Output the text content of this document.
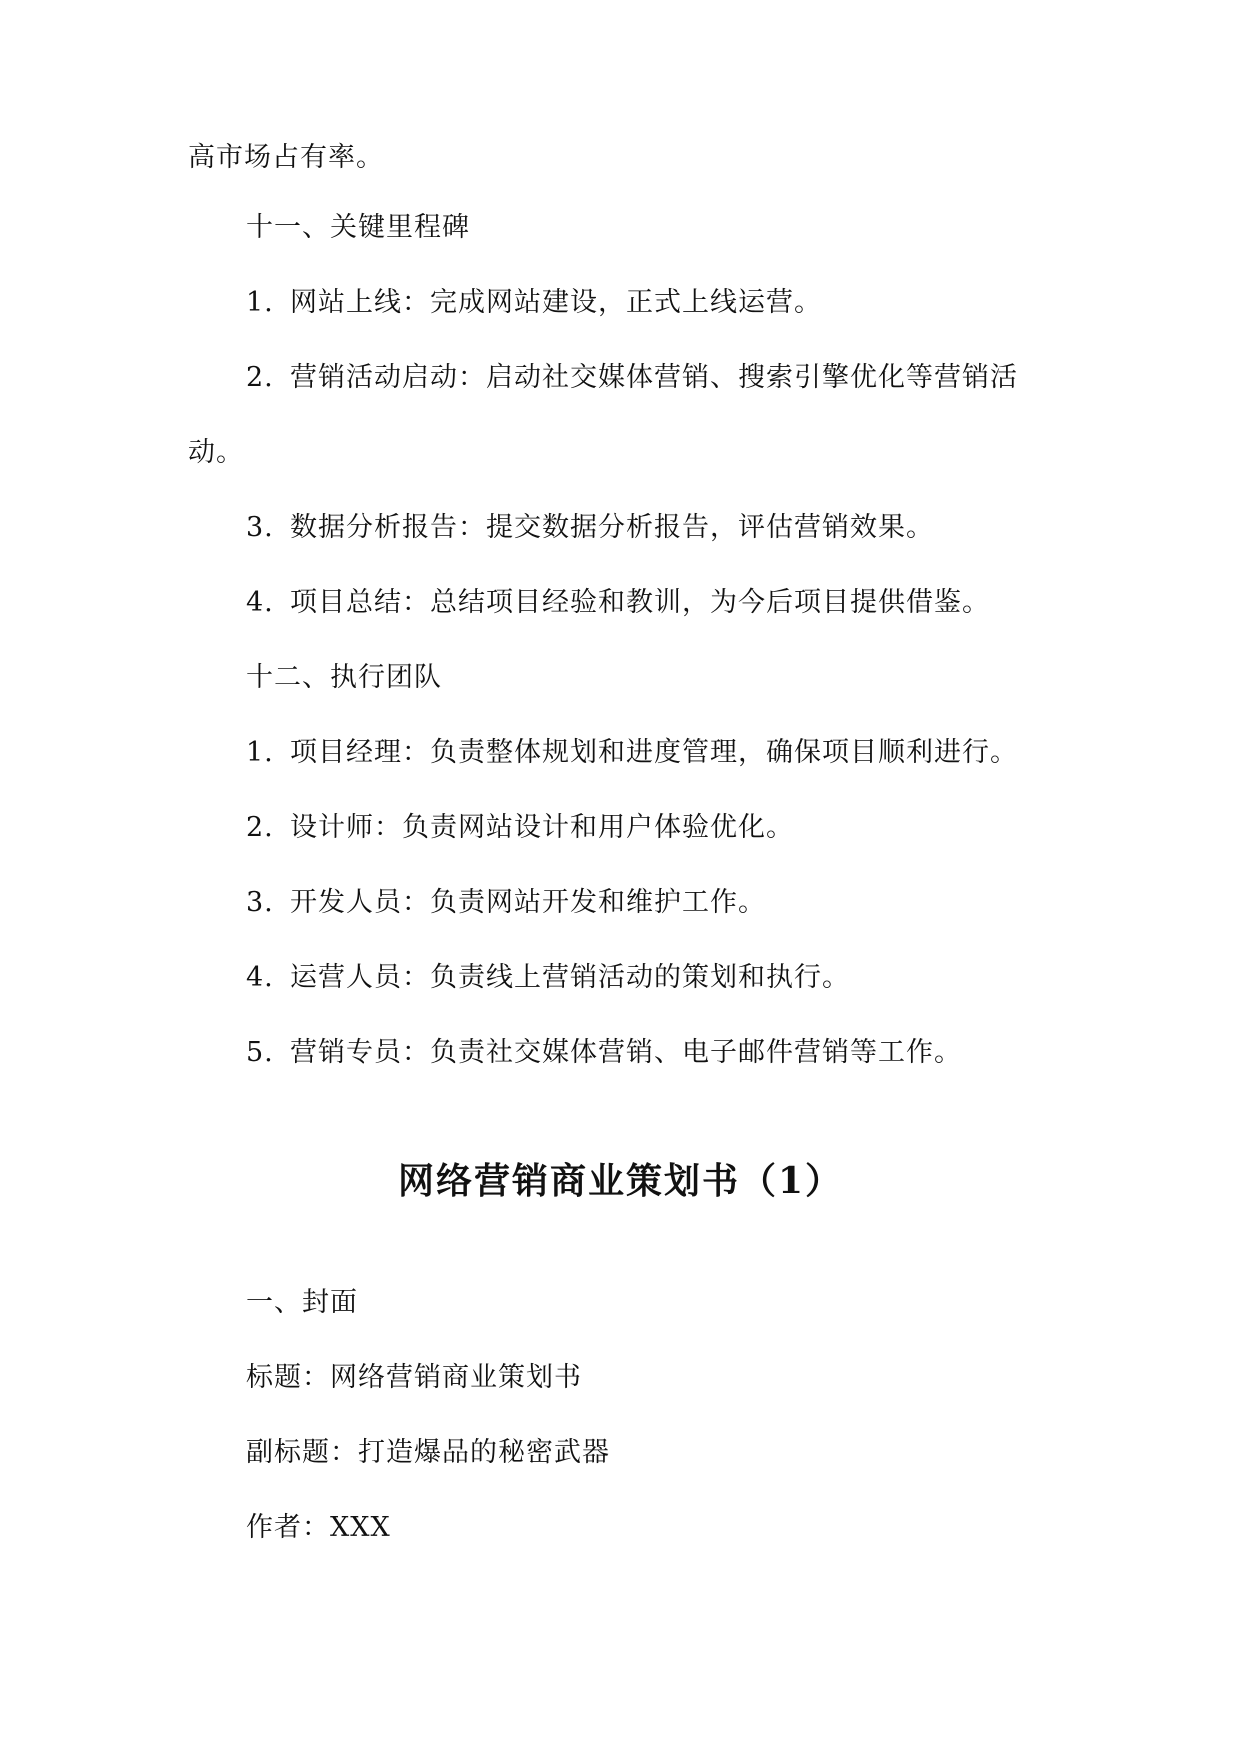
高市场占有率。
十一、关键里程碑
1. 网站上线：完成网站建设，正式上线运营。
2. 营销活动启动：启动社交媒体营销、搜索引擎优化等营销活
动。
3. 数据分析报告：提交数据分析报告，评估营销效果。
4. 项目总结：总结项目经验和教训，为今后项目提供借鉴。
十二、执行团队
1. 项目经理：负责整体规划和进度管理，确保项目顺利进行。
2. 设计师：负责网站设计和用户体验优化。
3. 开发人员：负责网站开发和维护工作。
4. 运营人员：负责线上营销活动的策划和执行。
5. 营销专员：负责社交媒体营销、电子邮件营销等工作。
网络营销商业策划书（1）
一、封面
标题：网络营销商业策划书
副标题：打造爆品的秘密武器
作者：XXX
